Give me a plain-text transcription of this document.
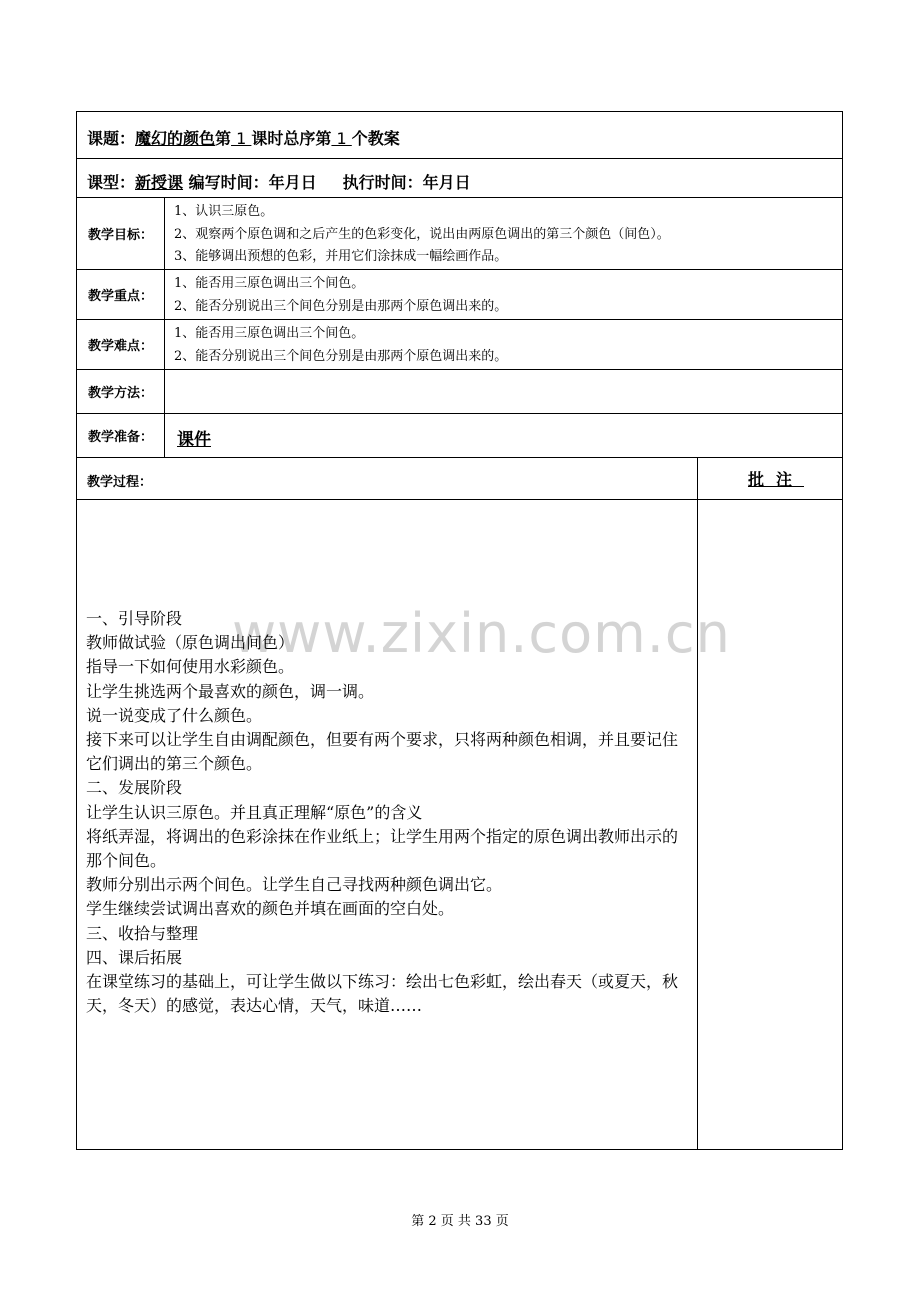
www.zixin.com.cn
课题：魔幻的颜色第 1 课时总序第 1 个教案
课型：新授课 编写时间：年月日 执行时间：年月日
教学目标：
1、认识三原色。
2、观察两个原色调和之后产生的色彩变化，说出由两原色调出的第三个颜色（间色）。
3、能够调出预想的色彩，并用它们涂抹成一幅绘画作品。
教学重点：
1、能否用三原色调出三个间色。
2、能否分别说出三个间色分别是由那两个原色调出来的。
教学难点：
1、能否用三原色调出三个间色。
2、能否分别说出三个间色分别是由那两个原色调出来的。
教学方法：
教学准备：	课件
教学过程：	批注

一、引导阶段

教师做试验（原色调出间色）

指导一下如何使用水彩颜色。

让学生挑选两个最喜欢的颜色，调一调。

说一说变成了什么颜色。

接下来可以让学生自由调配颜色，但要有两个要求，只将两种颜色相调，并且要记住它们调出的第三个颜色。

二、发展阶段

让学生认识三原色。并且真正理解“原色”的含义

将纸弄湿，将调出的色彩涂抹在作业纸上；让学生用两个指定的原色调出教师出示的那个间色。

教师分别出示两个间色。让学生自己寻找两种颜色调出它。

学生继续尝试调出喜欢的颜色并填在画面的空白处。

三、收拾与整理

四、课后拓展

在课堂练习的基础上，可让学生做以下练习：绘出七色彩虹，绘出春天（或夏天，秋天，冬天）的感觉，表达心情，天气，味道……

第 2 页 共 33 页
